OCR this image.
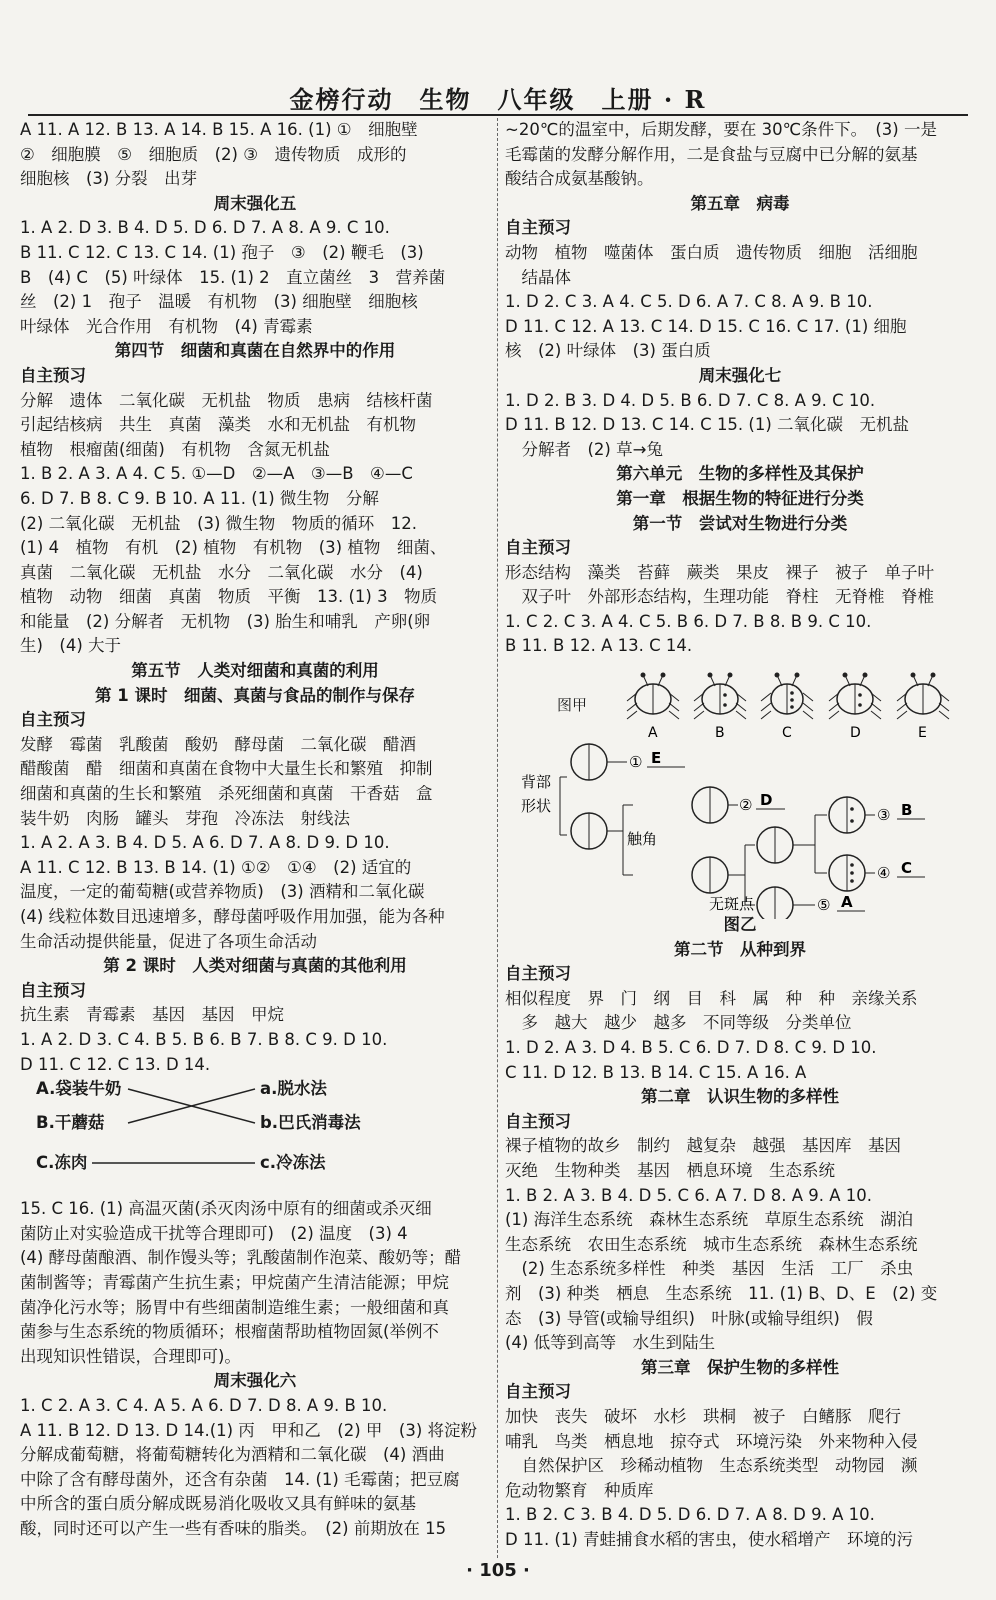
金榜行动　生物　八年级　上册 · R
A 11. A 12. B 13. A 14. B 15. A 16. (1) ①　细胞壁
②　细胞膜　⑤　细胞质　(2) ③　遗传物质　成形的
细胞核　(3) 分裂　出芽
周末强化五
1. A 2. D 3. B 4. D 5. D 6. D 7. A 8. A 9. C 10.
B 11. C 12. C 13. C 14. (1) 孢子　③　(2) 鞭毛　(3)
B　(4) C　(5) 叶绿体　15. (1) 2　直立菌丝　3　营养菌
丝　(2) 1　孢子　温暖　有机物　(3) 细胞壁　细胞核
叶绿体　光合作用　有机物　(4) 青霉素
第四节　细菌和真菌在自然界中的作用
自主预习
分解　遗体　二氧化碳　无机盐　物质　患病　结核杆菌
引起结核病　共生　真菌　藻类　水和无机盐　有机物
植物　根瘤菌(细菌)　有机物　含氮无机盐
1. B 2. A 3. A 4. C 5. ①—D　②—A　③—B　④—C
6. D 7. B 8. C 9. B 10. A 11. (1) 微生物　分解
(2) 二氧化碳　无机盐　(3) 微生物　物质的循环　12.
(1) 4　植物　有机　(2) 植物　有机物　(3) 植物　细菌、
真菌　二氧化碳　无机盐　水分　二氧化碳　水分　(4)
植物　动物　细菌　真菌　物质　平衡　13. (1) 3　物质
和能量　(2) 分解者　无机物　(3) 胎生和哺乳　产卵(卵
生)　(4) 大于
第五节　人类对细菌和真菌的利用
第 1 课时　细菌、真菌与食品的制作与保存
自主预习
发酵　霉菌　乳酸菌　酸奶　酵母菌　二氧化碳　醋酒
醋酸菌　醋　细菌和真菌在食物中大量生长和繁殖　抑制
细菌和真菌的生长和繁殖　杀死细菌和真菌　干香菇　盒
装牛奶　肉肠　罐头　芽孢　冷冻法　射线法
1. A 2. A 3. B 4. D 5. A 6. D 7. A 8. D 9. D 10.
A 11. C 12. B 13. B 14. (1) ①②　①④　(2) 适宜的
温度，一定的葡萄糖(或营养物质)　(3) 酒精和二氧化碳
(4) 线粒体数目迅速增多，酵母菌呼吸作用加强，能为各种
生命活动提供能量，促进了各项生命活动
第 2 课时　人类对细菌与真菌的其他利用
自主预习
抗生素　青霉素　基因　基因　甲烷
1. A 2. D 3. C 4. B 5. B 6. B 7. B 8. C 9. D 10.
D 11. C 12. C 13. D 14.
A.袋装牛奶
B.干蘑菇
C.冻肉
a.脱水法
b.巴氏消毒法
c.冷冻法
15. C 16. (1) 高温灭菌(杀灭肉汤中原有的细菌或杀灭细
菌防止对实验造成干扰等合理即可)　(2) 温度　(3) 4
(4) 酵母菌酿酒、制作馒头等；乳酸菌制作泡菜、酸奶等；醋
菌制酱等；青霉菌产生抗生素；甲烷菌产生清洁能源；甲烷
菌净化污水等；肠胃中有些细菌制造维生素；一般细菌和真
菌参与生态系统的物质循环；根瘤菌帮助植物固氮(举例不
出现知识性错误，合理即可)。
周末强化六
1. C 2. A 3. C 4. A 5. A 6. D 7. D 8. A 9. B 10.
A 11. B 12. D 13. D 14.(1) 丙　甲和乙　(2) 甲　(3) 将淀粉
分解成葡萄糖，将葡萄糖转化为酒精和二氧化碳　(4) 酒曲
中除了含有酵母菌外，还含有杂菌　14. (1) 毛霉菌；把豆腐
中所含的蛋白质分解成既易消化吸收又具有鲜味的氨基
酸，同时还可以产生一些有香味的脂类。　(2) 前期放在 15
~20℃的温室中，后期发酵，要在 30℃条件下。　(3) 一是
毛霉菌的发酵分解作用，二是食盐与豆腐中已分解的氨基
酸结合成氨基酸钠。
第五章　病毒
自主预习
动物　植物　噬菌体　蛋白质　遗传物质　细胞　活细胞
　结晶体
1. D 2. C 3. A 4. C 5. D 6. A 7. C 8. A 9. B 10.
D 11. C 12. A 13. C 14. D 15. C 16. C 17. (1) 细胞
核　(2) 叶绿体　(3) 蛋白质
周末强化七
1. D 2. B 3. D 4. D 5. B 6. D 7. C 8. A 9. C 10.
D 11. B 12. D 13. C 14. C 15. (1) 二氧化碳　无机盐
　分解者　(2) 草→兔
第六单元　生物的多样性及其保护
第一章　根据生物的特征进行分类
第一节　尝试对生物进行分类
自主预习
形态结构　藻类　苔藓　蕨类　果皮　裸子　被子　单子叶
　双子叶　外部形态结构，生理功能　脊柱　无脊椎　脊椎
1. C 2. C 3. A 4. C 5. B 6. D 7. B 8. B 9. C 10.
B 11. B 12. A 13. C 14.
图甲
A	B	C	D	E
背部
形状
① E
触角
② D
无斑点	⑤ A
③ B
④ C
图乙
第二节　从种到界
自主预习
相似程度　界　门　纲　目　科　属　种　种　亲缘关系
　多　越大　越少　越多　不同等级　分类单位
1. D 2. A 3. D 4. B 5. C 6. D 7. D 8. C 9. D 10.
C 11. D 12. B 13. B 14. C 15. A 16. A
第二章　认识生物的多样性
自主预习
裸子植物的故乡　制约　越复杂　越强　基因库　基因
灭绝　生物种类　基因　栖息环境　生态系统
1. B 2. A 3. B 4. D 5. C 6. A 7. D 8. A 9. A 10.
(1) 海洋生态系统　森林生态系统　草原生态系统　湖泊
生态系统　农田生态系统　城市生态系统　森林生态系统
　(2) 生态系统多样性　种类　基因　生活　工厂　杀虫
剂　(3) 种类　栖息　生态系统　11. (1) B、D、E　(2) 变
态　(3) 导管(或输导组织)　叶脉(或输导组织)　假
(4) 低等到高等　水生到陆生
第三章　保护生物的多样性
自主预习
加快　丧失　破坏　水杉　珙桐　被子　白鳍豚　爬行
哺乳　鸟类　栖息地　掠夺式　环境污染　外来物种入侵
　自然保护区　珍稀动植物　生态系统类型　动物园　濒
危动物繁育　种质库
1. B 2. C 3. B 4. D 5. D 6. D 7. A 8. D 9. A 10.
D 11. (1) 青蛙捕食水稻的害虫，使水稻增产　环境的污
· 105 ·
